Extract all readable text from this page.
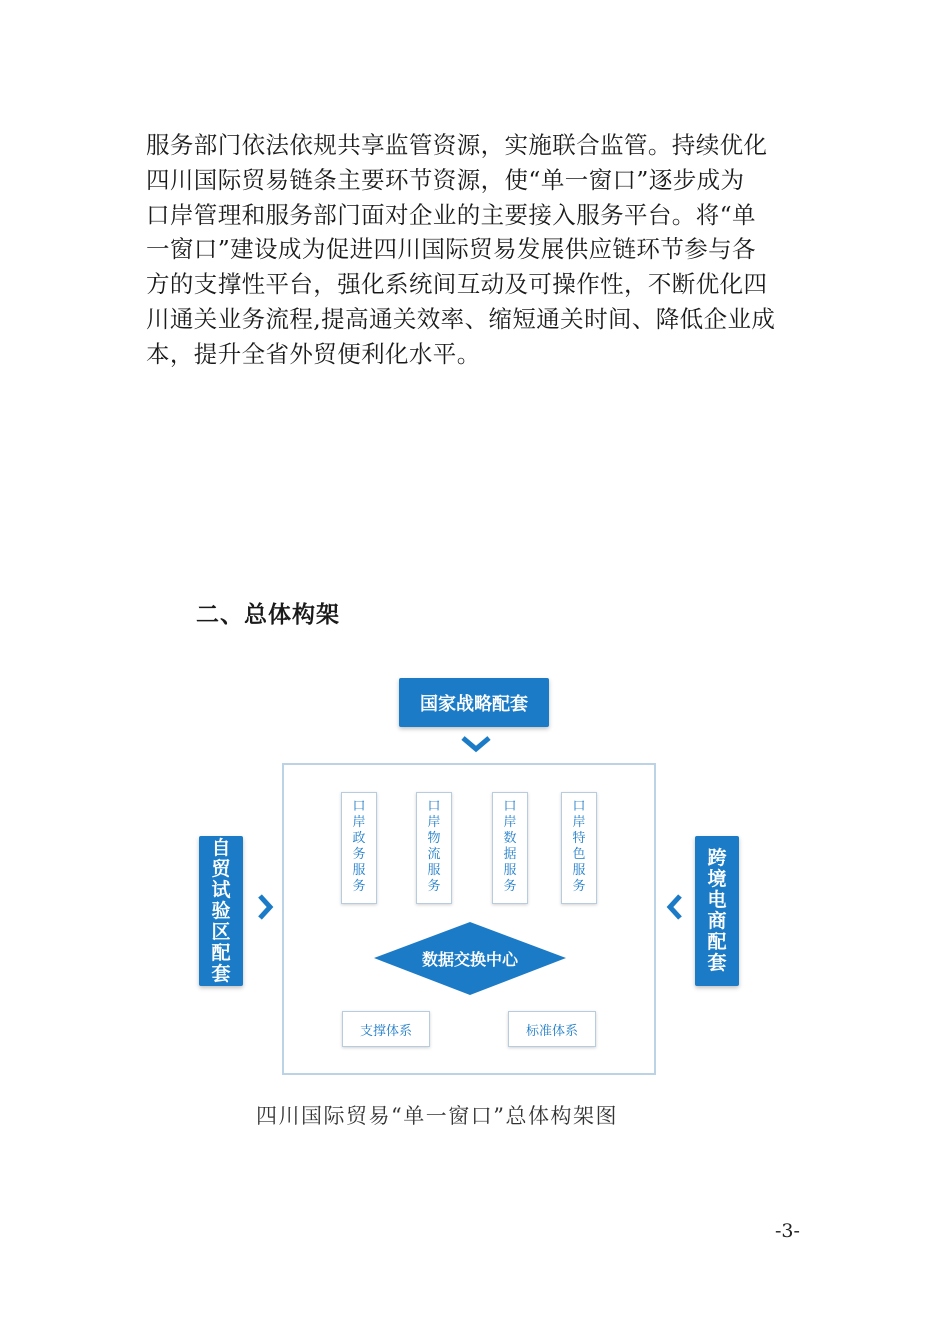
服务部门依法依规共享监管资源，实施联合监管。持续优化
四川国际贸易链条主要环节资源，使“单一窗口”逐步成为
口岸管理和服务部门面对企业的主要接入服务平台。将“单
一窗口”建设成为促进四川国际贸易发展供应链环节参与各
方的支撑性平台，强化系统间互动及可操作性，不断优化四
川通关业务流程,提高通关效率、缩短通关时间、降低企业成
本，提升全省外贸便利化水平。
二、总体构架
国家战略配套
自
贸
试
验
区
配
套
跨
境
电
商
配
套
口
岸
政
务
服
务
口
岸
物
流
服
务
口
岸
数
据
服
务
口
岸
特
色
服
务
数据交换中心
支撑体系	标准体系
四川国际贸易“单一窗口”总体构架图
-3-
